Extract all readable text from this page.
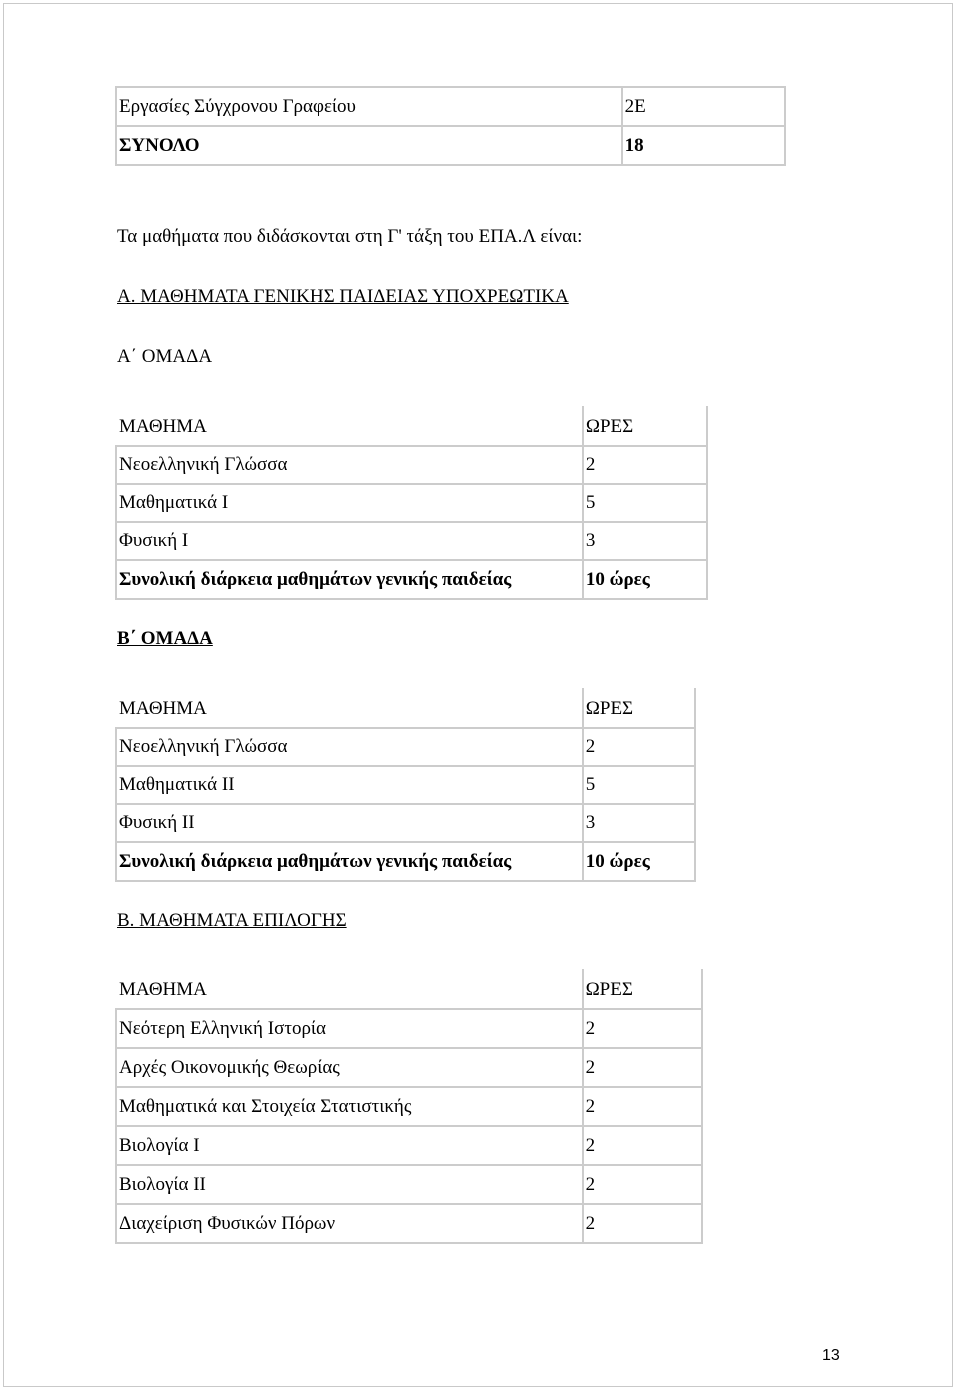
Εργασίες Σύγχρονου Γραφείου	2Ε
ΣΥΝΟΛΟ	18
Τα μαθήματα που διδάσκονται στη Γ' τάξη του ΕΠΑ.Λ είναι:
Α. ΜΑΘΗΜΑΤΑ ΓΕΝΙΚΗΣ ΠΑΙΔΕΙΑΣ ΥΠΟΧΡΕΩΤΙΚΑ
Α΄ ΟΜΑΔΑ
ΜΑΘΗΜΑ	ΩΡΕΣ
Νεοελληνική Γλώσσα	2
Μαθηματικά Ι	5
Φυσική Ι	3
Συνολική διάρκεια μαθημάτων γενικής παιδείας	10 ώρες
Β΄ ΟΜΑΔΑ
ΜΑΘΗΜΑ	ΩΡΕΣ
Νεοελληνική Γλώσσα	2
Μαθηματικά ΙΙ	5
Φυσική ΙΙ	3
Συνολική διάρκεια μαθημάτων γενικής παιδείας	10 ώρες
Β. ΜΑΘΗΜΑΤΑ ΕΠΙΛΟΓΗΣ
ΜΑΘΗΜΑ	ΩΡΕΣ
Νεότερη Ελληνική Ιστορία	2
Αρχές Οικονομικής Θεωρίας	2
Μαθηματικά και Στοιχεία Στατιστικής	2
Βιολογία Ι	2
Βιολογία ΙΙ	2
Διαχείριση Φυσικών Πόρων	2
13
